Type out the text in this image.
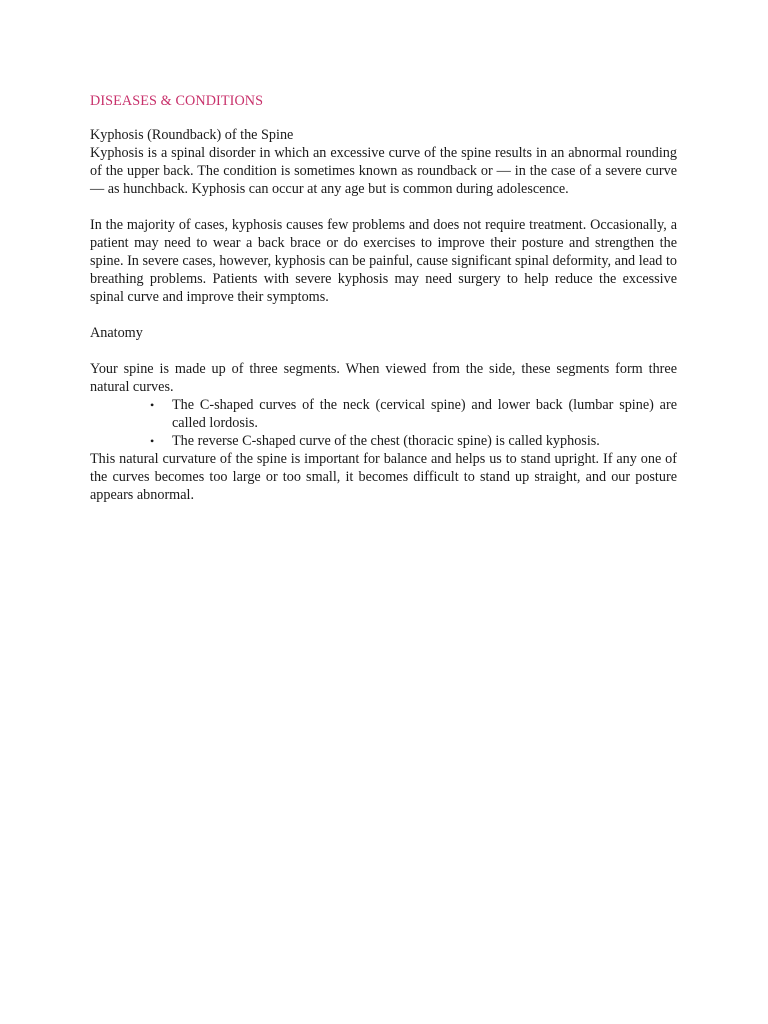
DISEASES & CONDITIONS
Kyphosis (Roundback) of the Spine

Kyphosis is a spinal disorder in which an excessive curve of the spine results in an abnormal rounding of the upper back. The condition is sometimes known as roundback or — in the case of a severe curve — as hunchback. Kyphosis can occur at any age but is common during adolescence.

In the majority of cases, kyphosis causes few problems and does not require treatment. Occasionally, a patient may need to wear a back brace or do exercises to improve their posture and strengthen the spine. In severe cases, however, kyphosis can be painful, cause significant spinal deformity, and lead to breathing problems. Patients with severe kyphosis may need surgery to help reduce the excessive spinal curve and improve their symptoms.

Anatomy

Your spine is made up of three segments. When viewed from the side, these segments form three natural curves.

• The C-shaped curves of the neck (cervical spine) and lower back (lumbar spine) are called lordosis.
• The reverse C-shaped curve of the chest (thoracic spine) is called kyphosis.

This natural curvature of the spine is important for balance and helps us to stand upright. If any one of the curves becomes too large or too small, it becomes difficult to stand up straight, and our posture appears abnormal.
